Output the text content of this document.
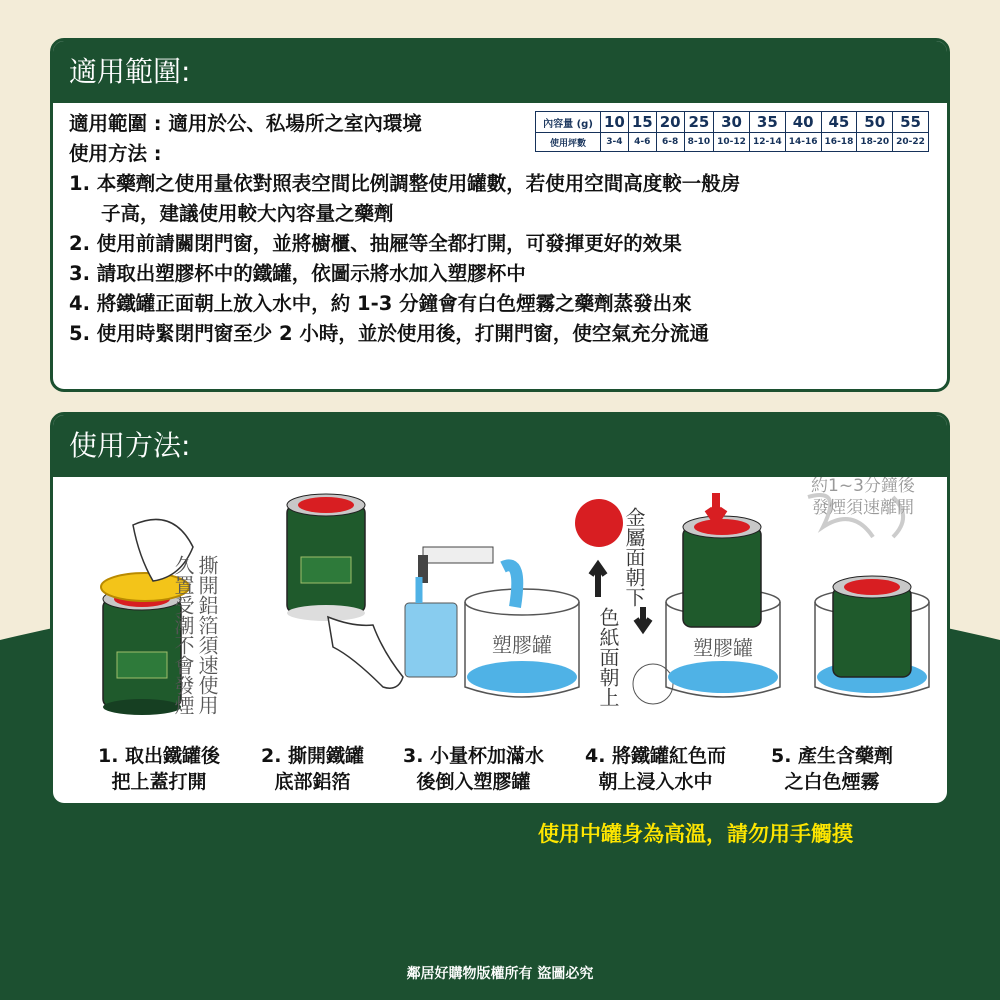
適用範圍:
適用範圍 : 適用於公、私場所之室內環境
使用方法 :
1. 本藥劑之使用量依對照表空間比例調整使用罐數，若使用空間高度較一般房
子高，建議使用較大內容量之藥劑
2. 使用前請關閉門窗，並將櫥櫃、抽屜等全都打開，可發揮更好的效果
3. 請取出塑膠杯中的鐵罐，依圖示將水加入塑膠杯中
4. 將鐵罐正面朝上放入水中，約 1-3 分鐘會有白色煙霧之藥劑蒸發出來
5. 使用時緊閉門窗至少 2 小時，並於使用後，打開門窗，使空氣充分流通
內容量 (g)	10	15	20	25	30	35	40	45	50	55
使用坪數	3-4	4-6	6-8	8-10	10-12	12-14	14-16	16-18	18-20	20-22
使用方法:
撕開鋁箔須速使用
久置受潮不會發煙	塑膠罐
金屬面朝下
色紙面朝上	塑膠罐
約1~3分鐘後
發煙須速離開
1. 取出鐵罐後
把上蓋打開
2. 撕開鐵罐
底部鋁箔
3. 小量杯加滿水
後倒入塑膠罐
4. 將鐵罐紅色而
朝上浸入水中
5. 產生含藥劑
之白色煙霧
使用中罐身為高溫，請勿用手觸摸
鄰居好購物版權所有 盜圖必究
